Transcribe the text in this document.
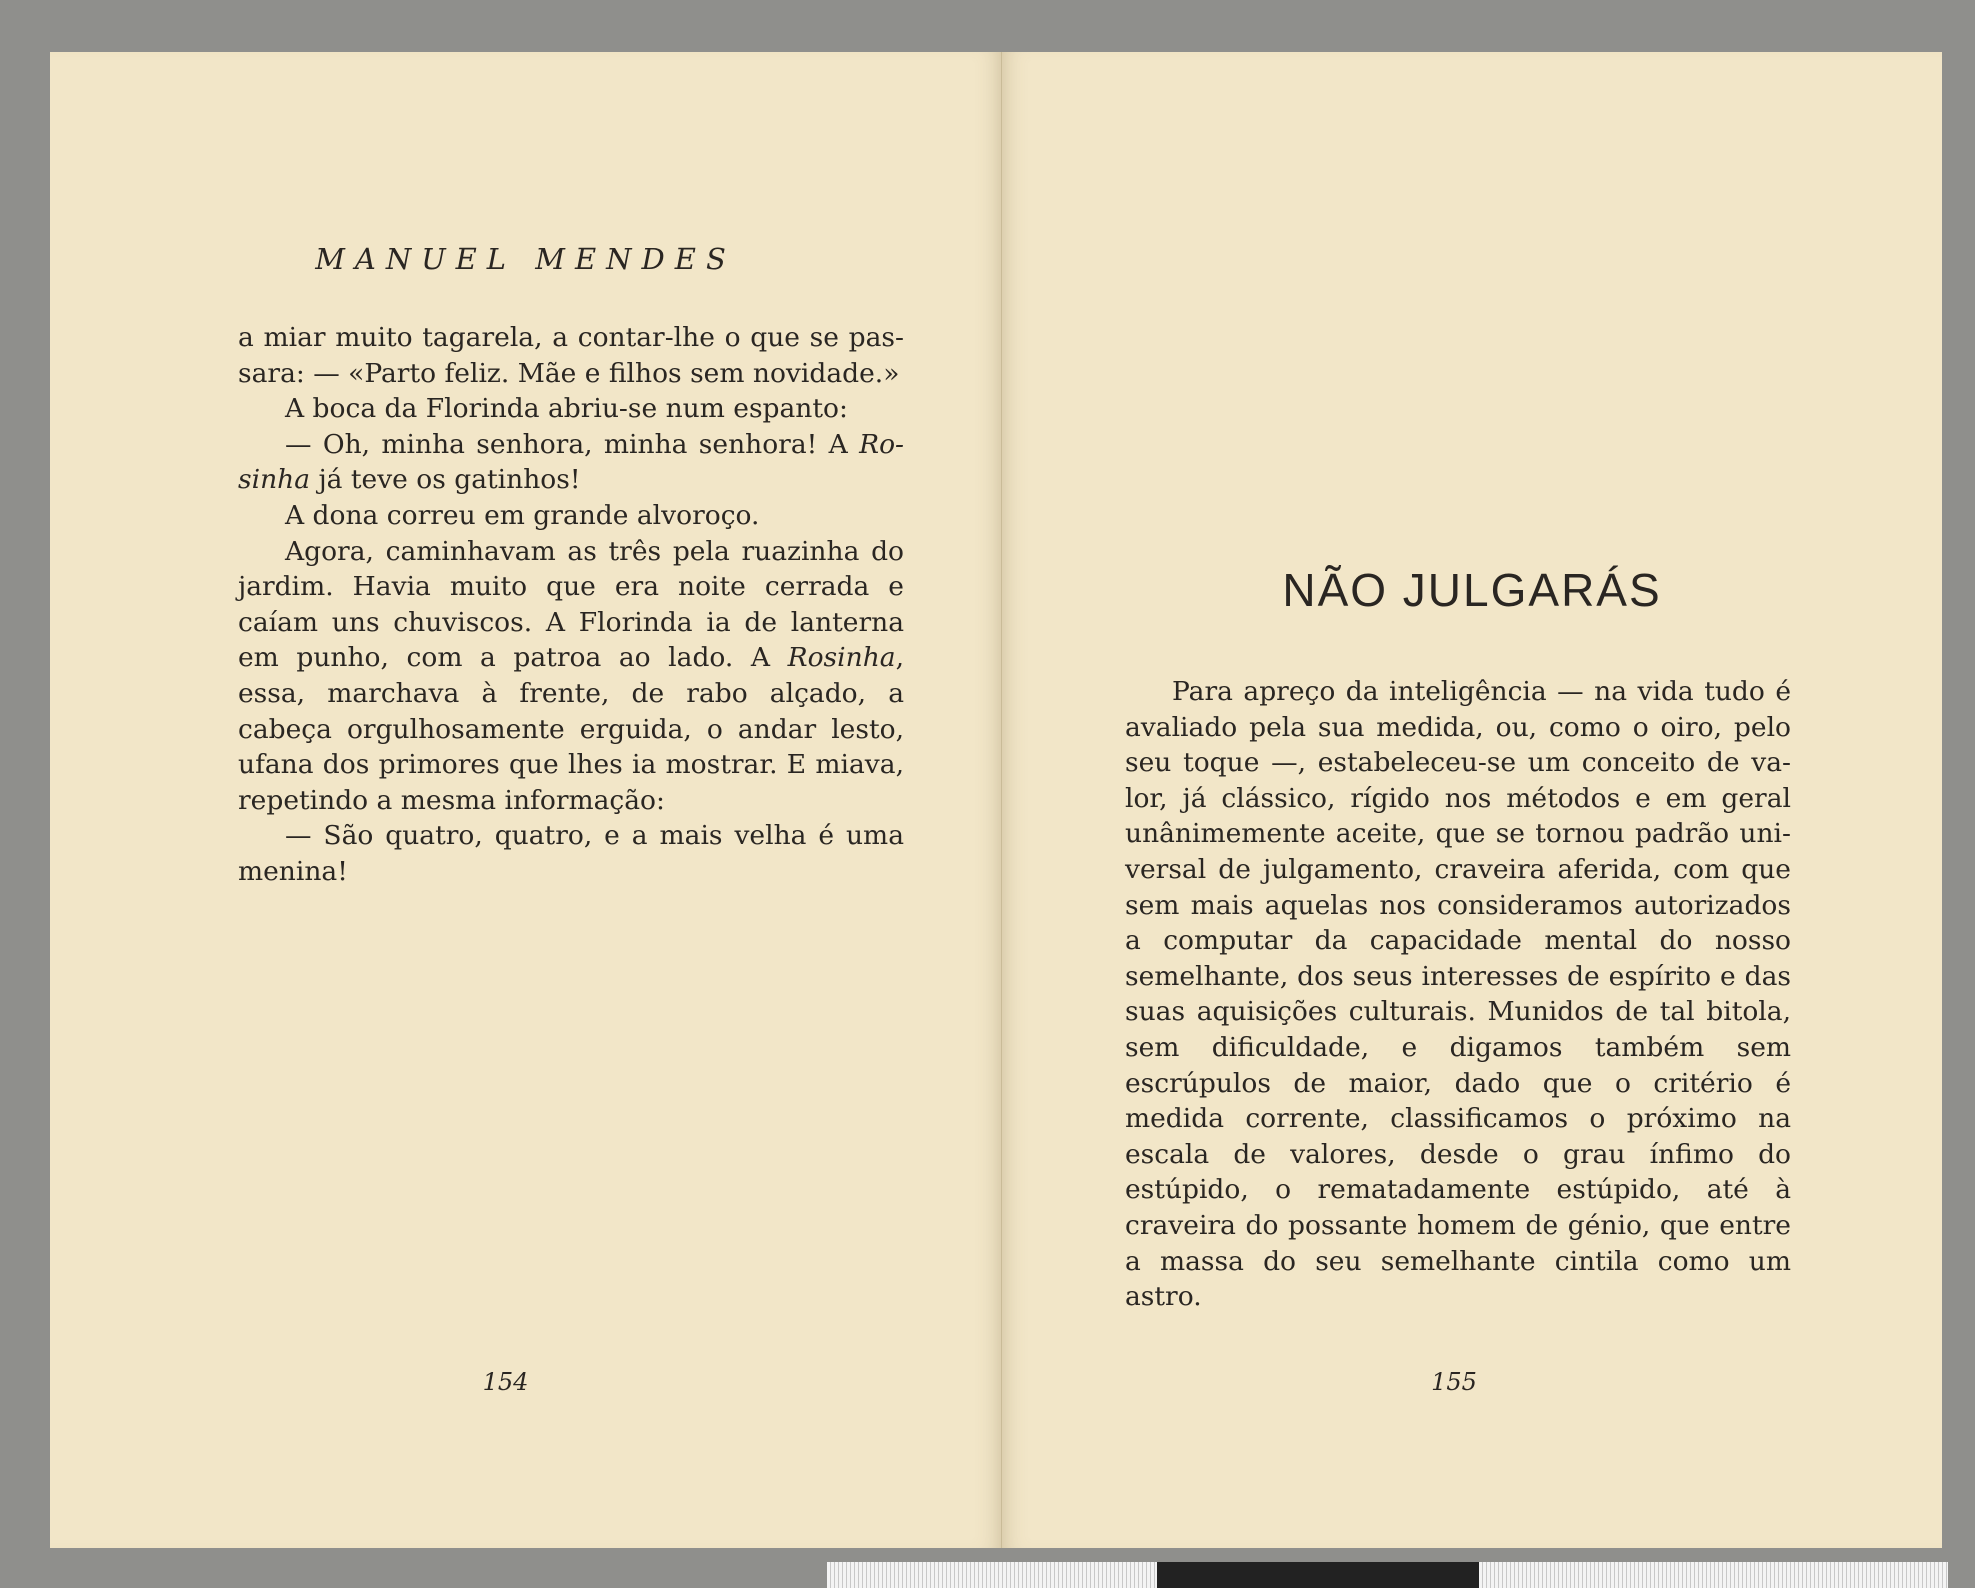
MANUEL MENDES

a miar muito tagarela, a contar-lhe o que se passara: — «Parto feliz. Mãe e filhos sem novidade.»

A boca da Florinda abriu-se num espanto:

— Oh, minha senhora, minha senhora! A Ro-sinha já teve os gatinhos!

A dona correu em grande alvoroço.

Agora, caminhavam as três pela ruazinha do jardim. Havia muito que era noite cerrada e caíam uns chuviscos. A Florinda ia de lanterna em punho, com a patroa ao lado. A Rosinha, essa, marchava à frente, de rabo alçado, a cabeça orgulhosamente erguida, o andar lesto, ufana dos primores que lhes ia mostrar. E miava, repetindo a mesma informação:

— São quatro, quatro, e a mais velha é uma menina!

154
NÃO JULGARÁS

Para apreço da inteligência — na vida tudo é avaliado pela sua medida, ou, como o oiro, pelo seu toque —, estabeleceu-se um conceito de valor, já clássico, rígido nos métodos e em geral unânimemente aceite, que se tornou padrão universal de julgamento, craveira aferida, com que sem mais aquelas nos consideramos autorizados a computar da capacidade mental do nosso semelhante, dos seus interesses de espírito e das suas aquisições culturais. Munidos de tal bitola, sem dificuldade, e digamos também sem escrúpulos de maior, dado que o critério é medida corrente, classificamos o próximo na escala de valores, desde o grau ínfimo do estúpido, o rematadamente estúpido, até à craveira do possante homem de génio, que entre a massa do seu semelhante cintila como um astro.

155
